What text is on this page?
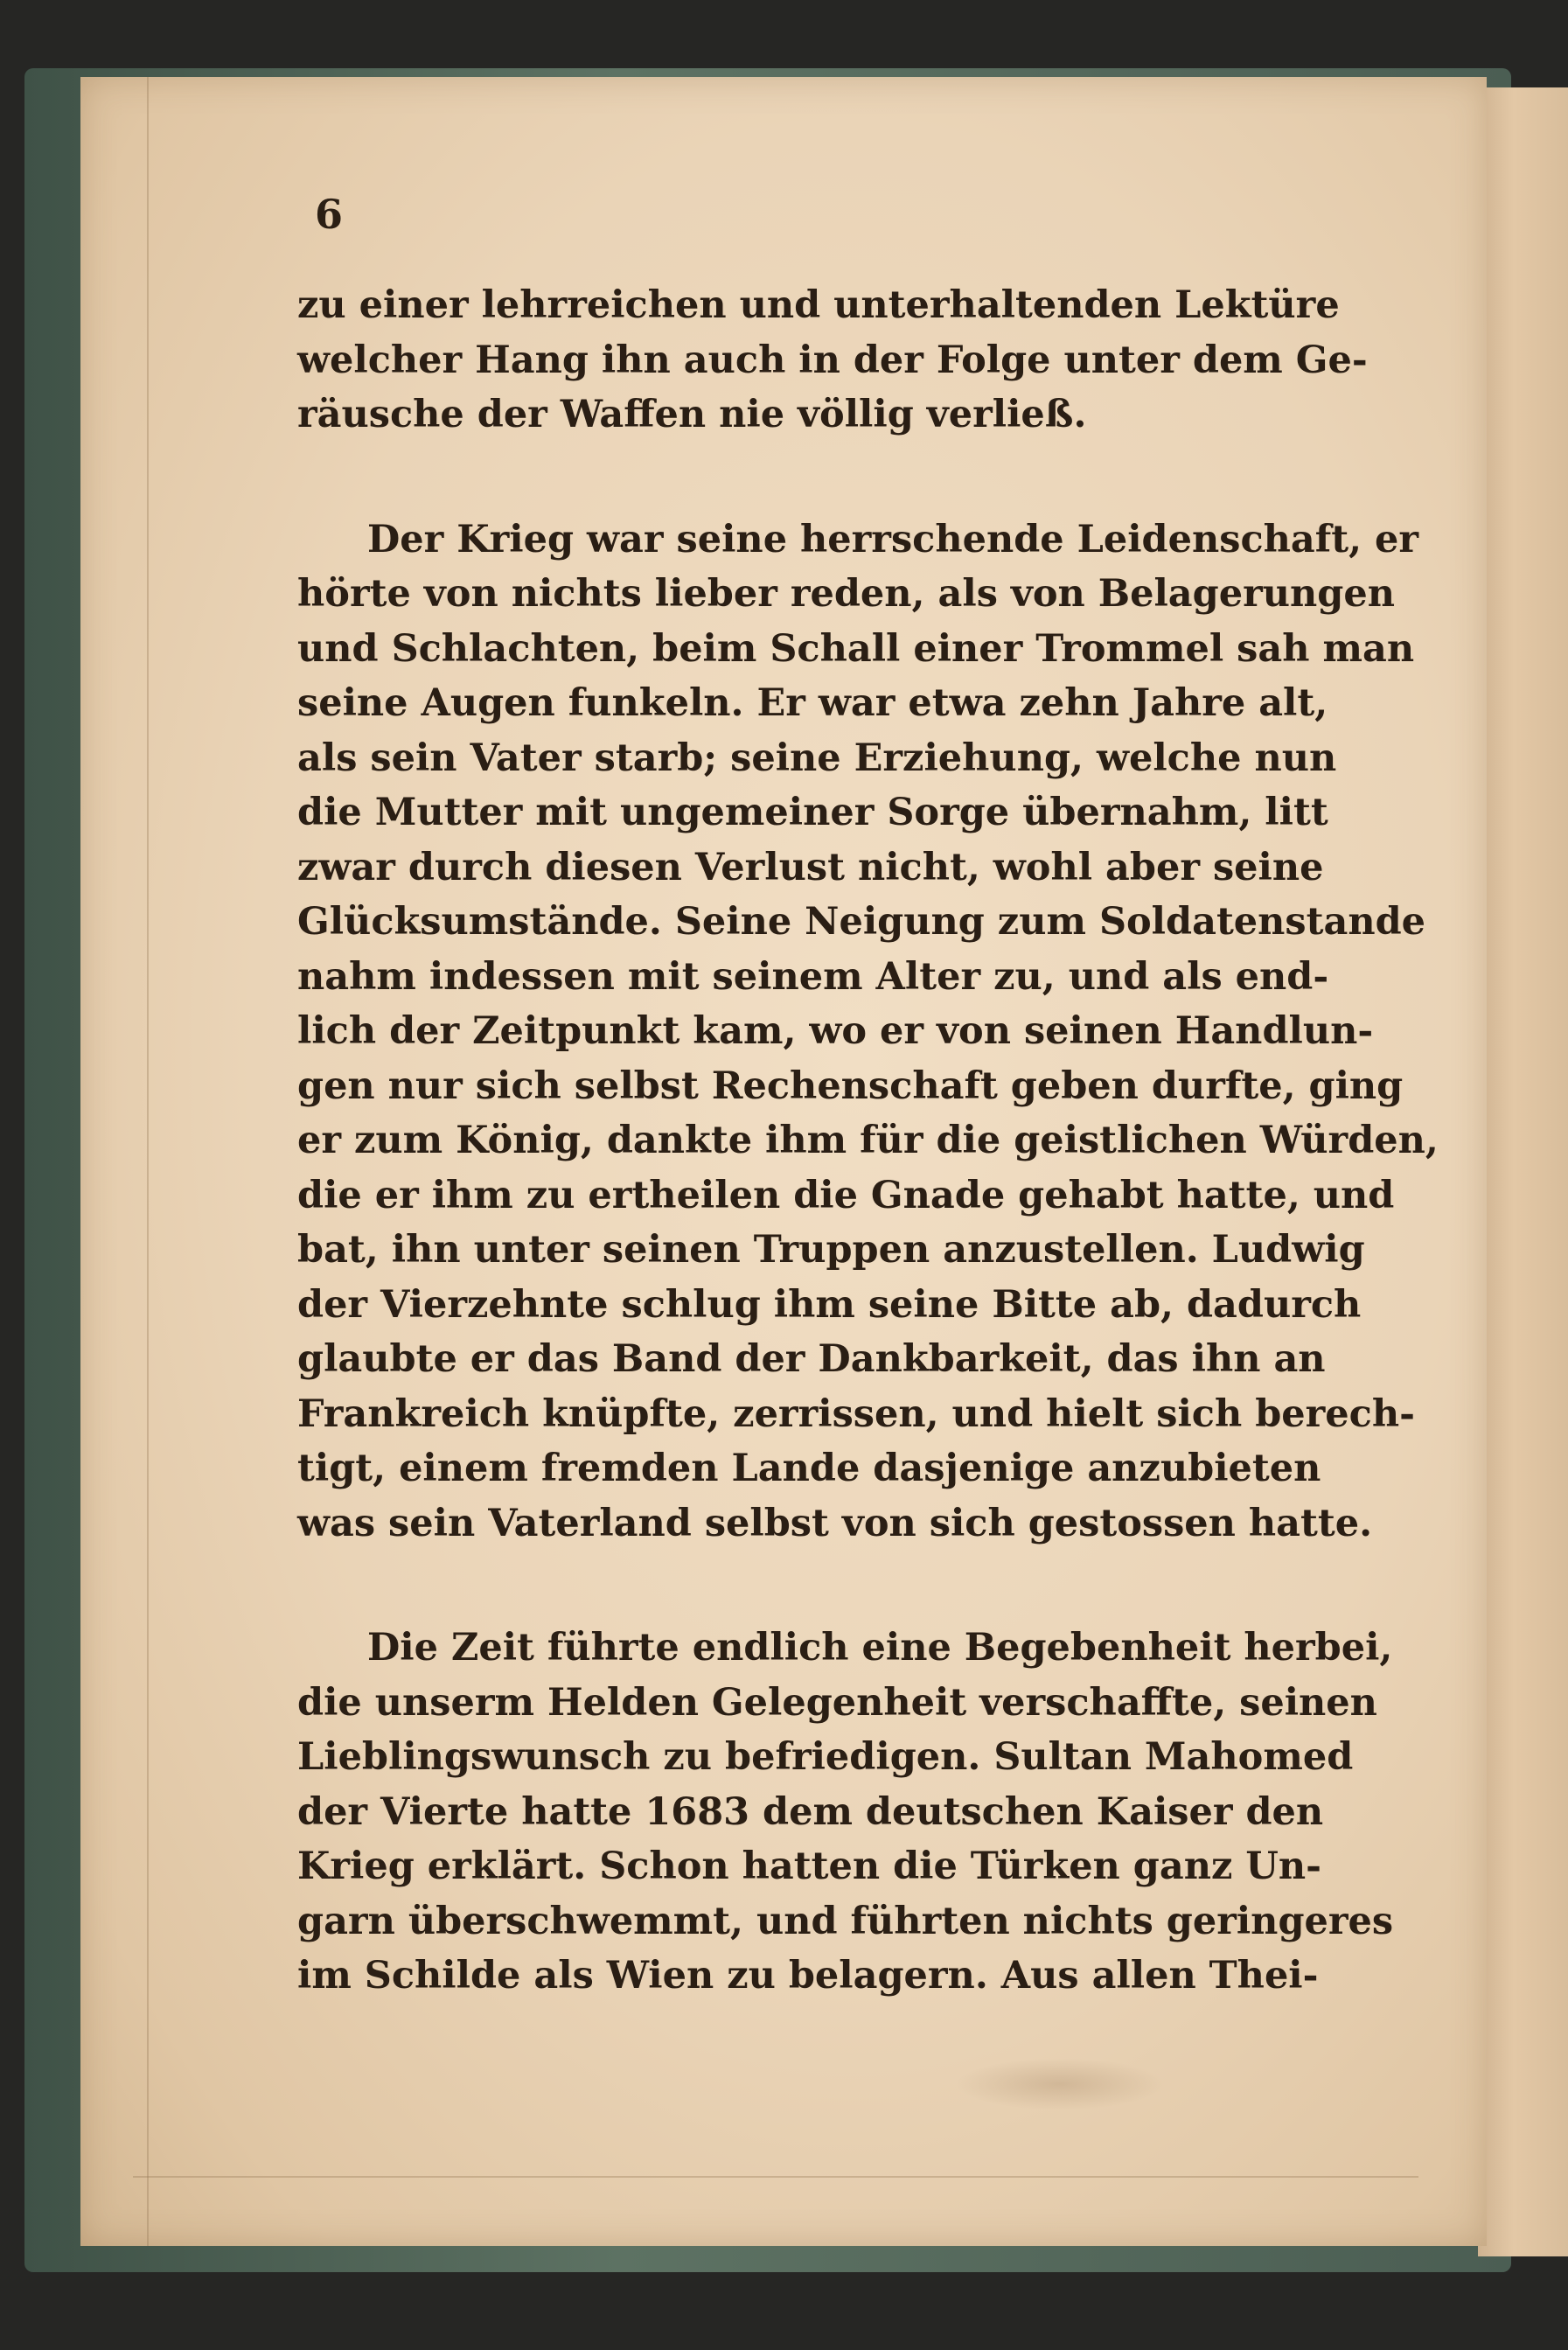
6
zu einer lehrreichen und unterhaltenden Lektüre
welcher Hang ihn auch in der Folge unter dem Ge-
räusche der Waffen nie völlig verließ.
Der Krieg war seine herrschende Leidenschaft, er
hörte von nichts lieber reden, als von Belagerungen
und Schlachten, beim Schall einer Trommel sah man
seine Augen funkeln. Er war etwa zehn Jahre alt,
als sein Vater starb; seine Erziehung, welche nun
die Mutter mit ungemeiner Sorge übernahm, litt
zwar durch diesen Verlust nicht, wohl aber seine
Glücksumstände. Seine Neigung zum Soldatenstande
nahm indessen mit seinem Alter zu, und als end-
lich der Zeitpunkt kam, wo er von seinen Handlun-
gen nur sich selbst Rechenschaft geben durfte, ging
er zum König, dankte ihm für die geistlichen Würden,
die er ihm zu ertheilen die Gnade gehabt hatte, und
bat, ihn unter seinen Truppen anzustellen. Ludwig
der Vierzehnte schlug ihm seine Bitte ab, dadurch
glaubte er das Band der Dankbarkeit, das ihn an
Frankreich knüpfte, zerrissen, und hielt sich berech-
tigt, einem fremden Lande dasjenige anzubieten
was sein Vaterland selbst von sich gestossen hatte.
Die Zeit führte endlich eine Begebenheit herbei,
die unserm Helden Gelegenheit verschaffte, seinen
Lieblingswunsch zu befriedigen. Sultan Mahomed
der Vierte hatte 1683 dem deutschen Kaiser den
Krieg erklärt. Schon hatten die Türken ganz Un-
garn überschwemmt, und führten nichts geringeres
im Schilde als Wien zu belagern. Aus allen Thei-
